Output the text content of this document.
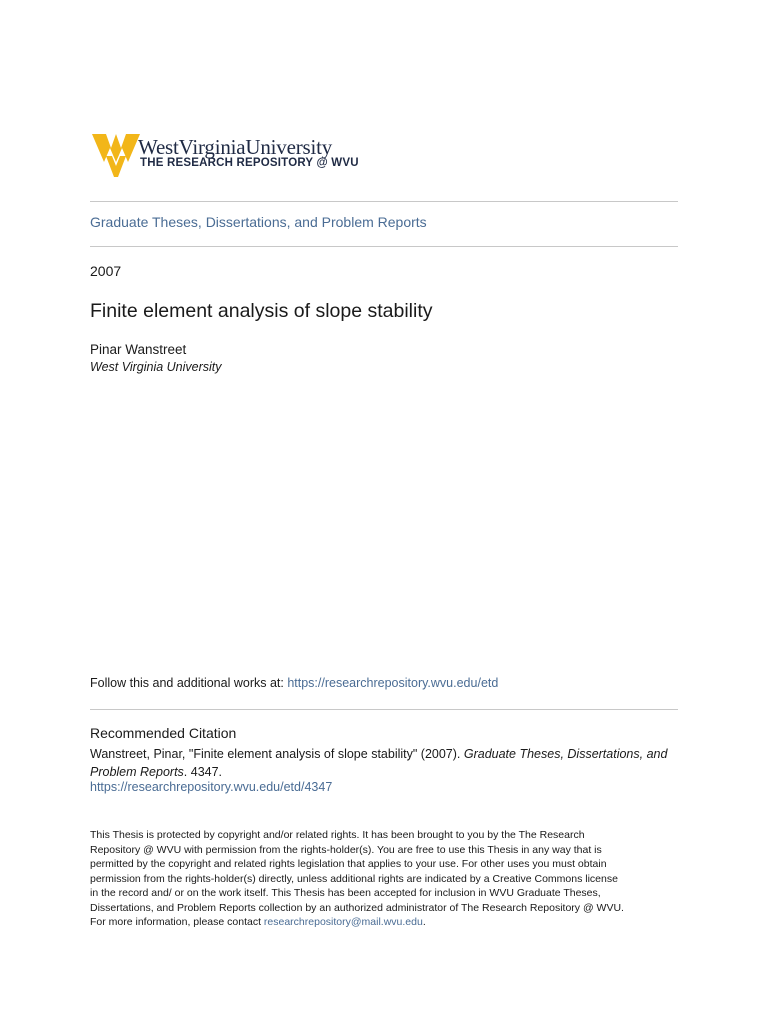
WestVirginiaUniversity
THE RESEARCH REPOSITORY @ WVU
Graduate Theses, Dissertations, and Problem Reports
2007
Finite element analysis of slope stability
Pinar Wanstreet
West Virginia University
Follow this and additional works at: https://researchrepository.wvu.edu/etd
Recommended Citation
Wanstreet, Pinar, "Finite element analysis of slope stability" (2007). Graduate Theses, Dissertations, and Problem Reports. 4347.
https://researchrepository.wvu.edu/etd/4347
This Thesis is protected by copyright and/or related rights. It has been brought to you by the The Research
Repository @ WVU with permission from the rights-holder(s). You are free to use this Thesis in any way that is
permitted by the copyright and related rights legislation that applies to your use. For other uses you must obtain
permission from the rights-holder(s) directly, unless additional rights are indicated by a Creative Commons license
in the record and/ or on the work itself. This Thesis has been accepted for inclusion in WVU Graduate Theses,
Dissertations, and Problem Reports collection by an authorized administrator of The Research Repository @ WVU.
For more information, please contact researchrepository@mail.wvu.edu.
